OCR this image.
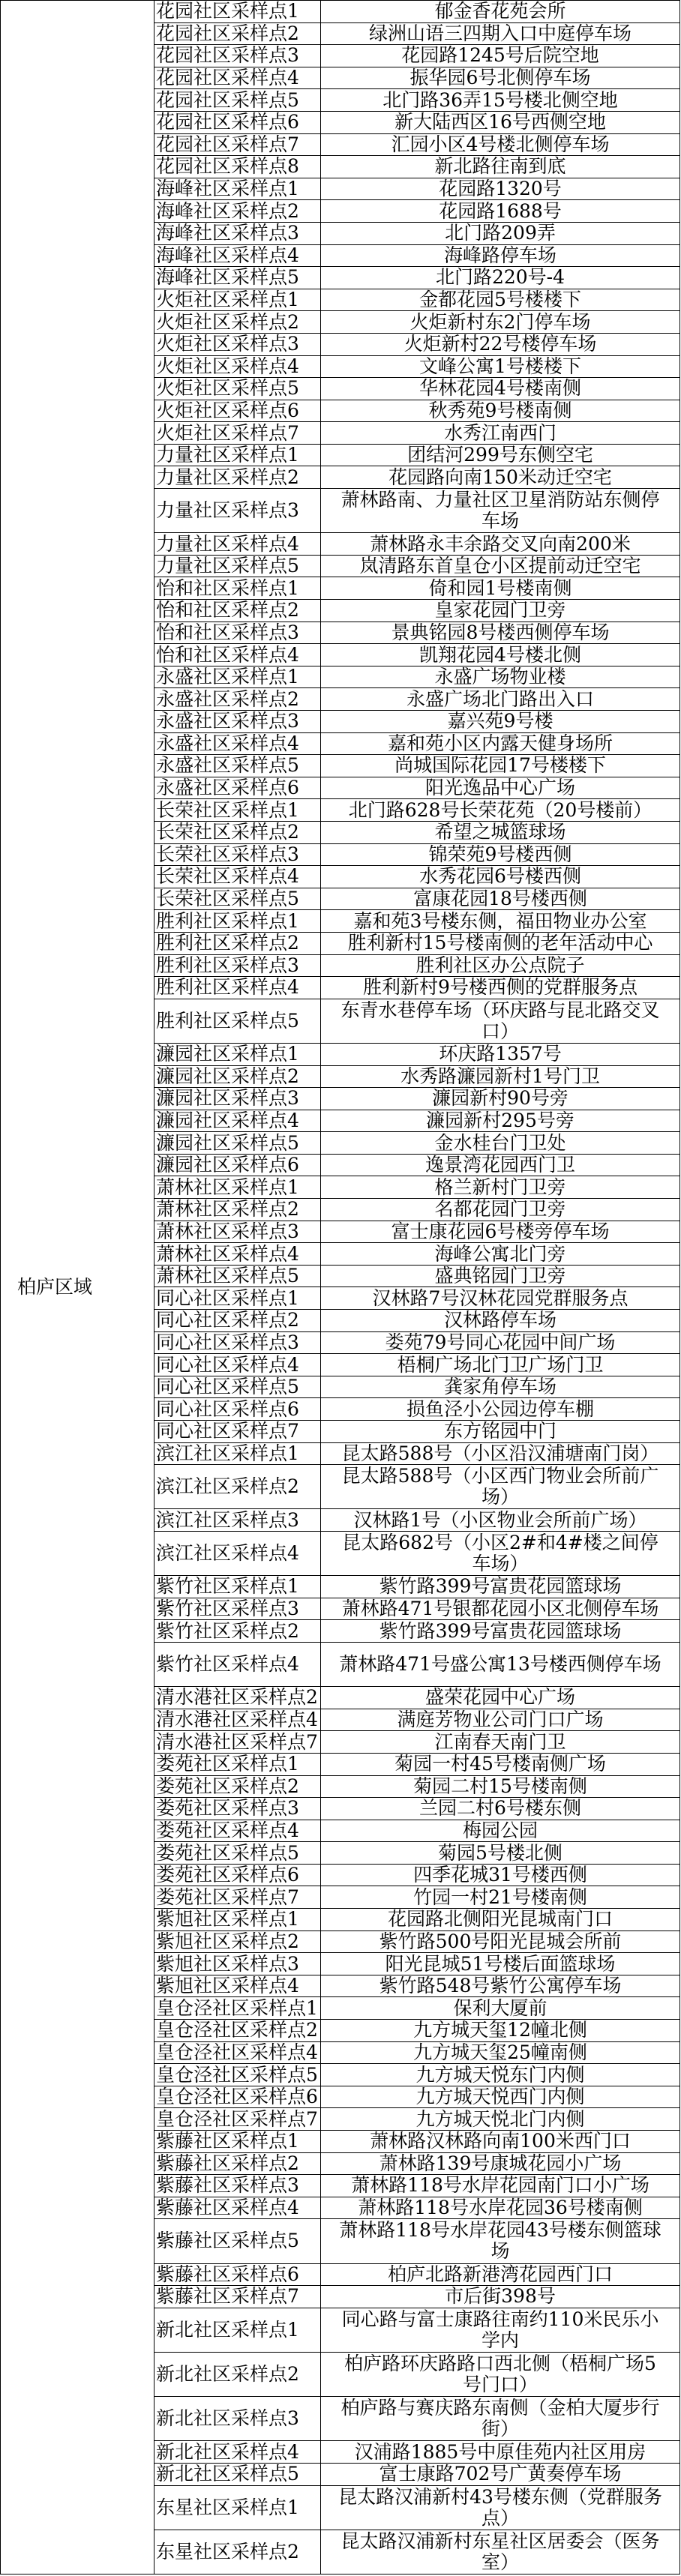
柏庐区域
花园社区采样点1	郁金香花苑会所
花园社区采样点2	绿洲山语三四期入口中庭停车场
花园社区采样点3	花园路1245号后院空地
花园社区采样点4	振华园6号北侧停车场
花园社区采样点5	北门路36弄15号楼北侧空地
花园社区采样点6	新大陆西区16号西侧空地
花园社区采样点7	汇园小区4号楼北侧停车场
花园社区采样点8	新北路往南到底
海峰社区采样点1	花园路1320号
海峰社区采样点2	花园路1688号
海峰社区采样点3	北门路209弄
海峰社区采样点4	海峰路停车场
海峰社区采样点5	北门路220号-4
火炬社区采样点1	金都花园5号楼楼下
火炬社区采样点2	火炬新村东2门停车场
火炬社区采样点3	火炬新村22号楼停车场
火炬社区采样点4	文峰公寓1号楼楼下
火炬社区采样点5	华林花园4号楼南侧
火炬社区采样点6	秋秀苑9号楼南侧
火炬社区采样点7	水秀江南西门
力量社区采样点1	团结河299号东侧空宅
力量社区采样点2	花园路向南150米动迁空宅
力量社区采样点3	萧林路南、力量社区卫星消防站东侧停车场
力量社区采样点4	萧林路永丰余路交叉向南200米
力量社区采样点5	岚清路东首皇仓小区提前动迁空宅
怡和社区采样点1	倚和园1号楼南侧
怡和社区采样点2	皇家花园门卫旁
怡和社区采样点3	景典铭园8号楼西侧停车场
怡和社区采样点4	凯翔花园4号楼北侧
永盛社区采样点1	永盛广场物业楼
永盛社区采样点2	永盛广场北门路出入口
永盛社区采样点3	嘉兴苑9号楼
永盛社区采样点4	嘉和苑小区内露天健身场所
永盛社区采样点5	尚城国际花园17号楼楼下
永盛社区采样点6	阳光逸品中心广场
长荣社区采样点1	北门路628号长荣花苑（20号楼前）
长荣社区采样点2	希望之城篮球场
长荣社区采样点3	锦荣苑9号楼西侧
长荣社区采样点4	水秀花园6号楼西侧
长荣社区采样点5	富康花园18号楼西侧
胜利社区采样点1	嘉和苑3号楼东侧，福田物业办公室
胜利社区采样点2	胜利新村15号楼南侧的老年活动中心
胜利社区采样点3	胜利社区办公点院子
胜利社区采样点4	胜利新村9号楼西侧的党群服务点
胜利社区采样点5	东青水巷停车场（环庆路与昆北路交叉口）
濂园社区采样点1	环庆路1357号
濂园社区采样点2	水秀路濂园新村1号门卫
濂园社区采样点3	濂园新村90号旁
濂园社区采样点4	濂园新村295号旁
濂园社区采样点5	金水桂台门卫处
濂园社区采样点6	逸景湾花园西门卫
萧林社区采样点1	格兰新村门卫旁
萧林社区采样点2	名都花园门卫旁
萧林社区采样点3	富士康花园6号楼旁停车场
萧林社区采样点4	海峰公寓北门旁
萧林社区采样点5	盛典铭园门卫旁
同心社区采样点1	汉林路7号汉林花园党群服务点
同心社区采样点2	汉林路停车场
同心社区采样点3	娄苑79号同心花园中间广场
同心社区采样点4	梧桐广场北门卫广场门卫
同心社区采样点5	龚家角停车场
同心社区采样点6	损鱼泾小公园边停车棚
同心社区采样点7	东方铭园中门
滨江社区采样点1	昆太路588号（小区沿汉浦塘南门岗）
滨江社区采样点2	昆太路588号（小区西门物业会所前广场）
滨江社区采样点3	汉林路1号（小区物业会所前广场）
滨江社区采样点4	昆太路682号（小区2#和4#楼之间停车场）
紫竹社区采样点1	紫竹路399号富贵花园篮球场
紫竹社区采样点3	萧林路471号银都花园小区北侧停车场
紫竹社区采样点2	紫竹路399号富贵花园篮球场
紫竹社区采样点4	萧林路471号盛公寓13号楼西侧停车场
清水港社区采样点2	盛荣花园中心广场
清水港社区采样点4	满庭芳物业公司门口广场
清水港社区采样点7	江南春天南门卫
娄苑社区采样点1	菊园一村45号楼南侧广场
娄苑社区采样点2	菊园二村15号楼南侧
娄苑社区采样点3	兰园二村6号楼东侧
娄苑社区采样点4	梅园公园
娄苑社区采样点5	菊园5号楼北侧
娄苑社区采样点6	四季花城31号楼西侧
娄苑社区采样点7	竹园一村21号楼南侧
紫旭社区采样点1	花园路北侧阳光昆城南门口
紫旭社区采样点2	紫竹路500号阳光昆城会所前
紫旭社区采样点3	阳光昆城51号楼后面篮球场
紫旭社区采样点4	紫竹路548号紫竹公寓停车场
皇仓泾社区采样点1	保利大厦前
皇仓泾社区采样点2	九方城天玺12幢北侧
皇仓泾社区采样点4	九方城天玺25幢南侧
皇仓泾社区采样点5	九方城天悦东门内侧
皇仓泾社区采样点6	九方城天悦西门内侧
皇仓泾社区采样点7	九方城天悦北门内侧
紫藤社区采样点1	萧林路汉林路向南100米西门口
紫藤社区采样点2	萧林路139号康城花园小广场
紫藤社区采样点3	萧林路118号水岸花园南门口小广场
紫藤社区采样点4	萧林路118号水岸花园36号楼南侧
紫藤社区采样点5	萧林路118号水岸花园43号楼东侧篮球场
紫藤社区采样点6	柏庐北路新港湾花园西门口
紫藤社区采样点7	市后街398号
新北社区采样点1	同心路与富士康路往南约110米民乐小学内
新北社区采样点2	柏庐路环庆路路口西北侧（梧桐广场5号门口）
新北社区采样点3	柏庐路与赛庆路东南侧（金柏大厦步行街）
新北社区采样点4	汉浦路1885号中原佳苑内社区用房
新北社区采样点5	富士康路702号广黄奏停车场
东星社区采样点1	昆太路汉浦新村43号楼东侧（党群服务点）
东星社区采样点2	昆太路汉浦新村东星社区居委会（医务室）
